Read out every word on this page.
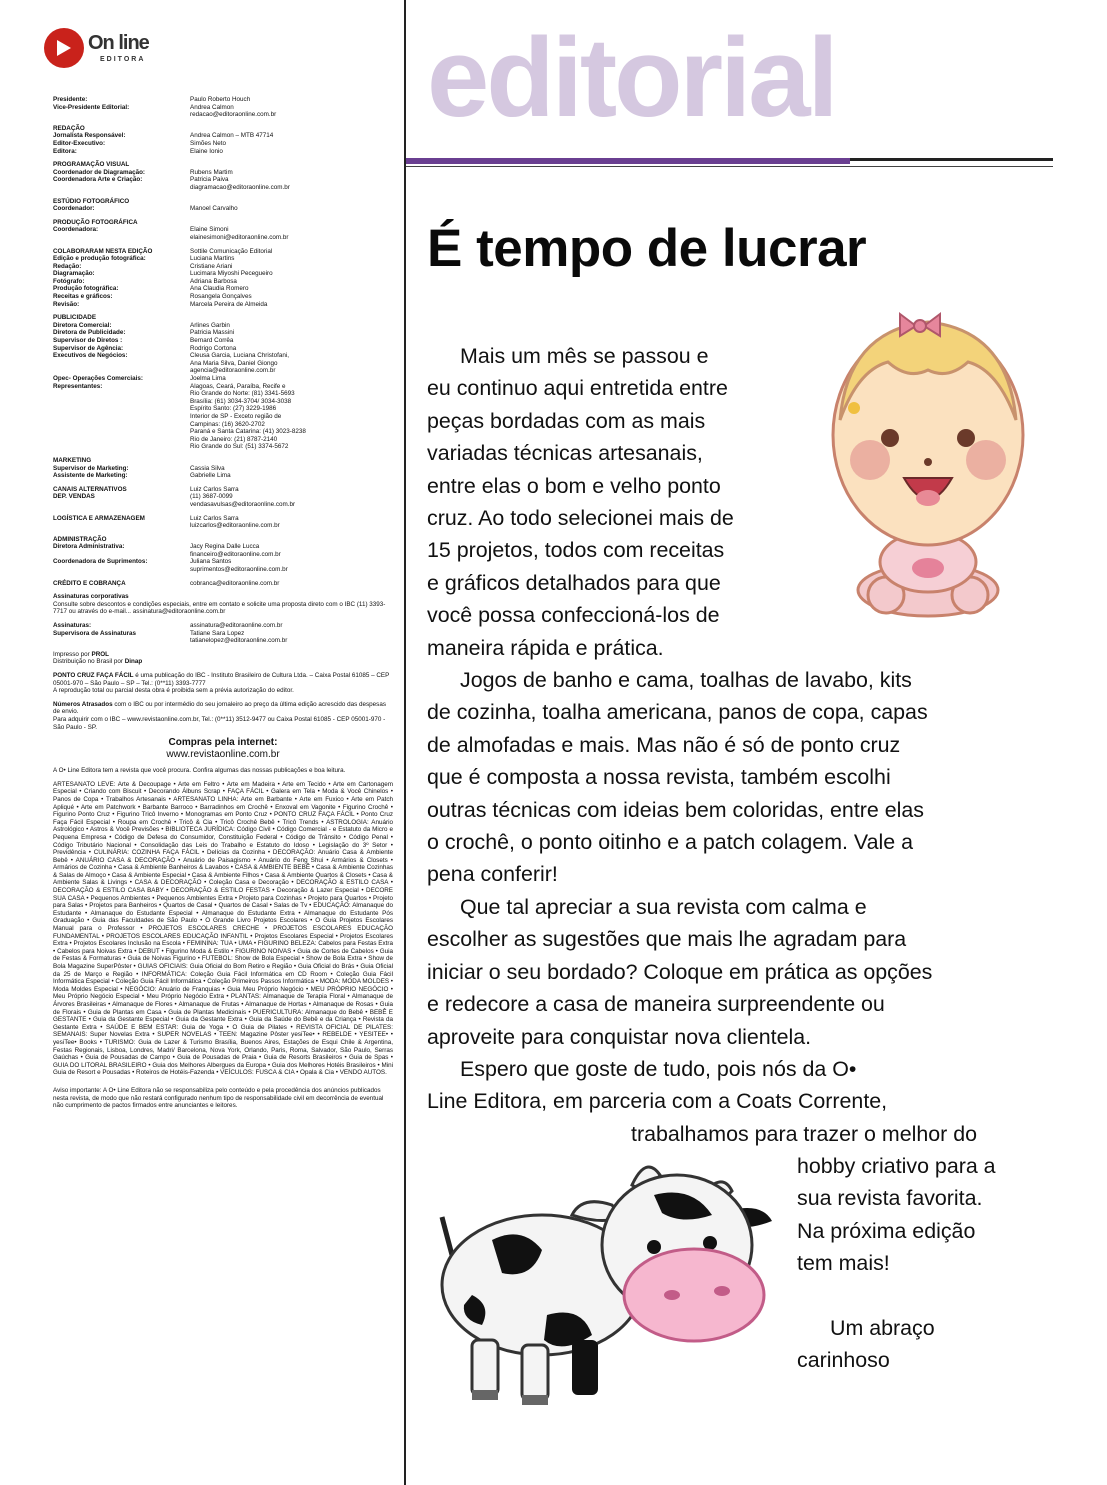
On line
EDITORA
Presidente:	Paulo Roberto Houch
Vice-Presidente Editorial:	Andrea Calmon
redacao@editoraonline.com.br
REDAÇÃO
Jornalista Responsável:	Andrea Calmon – MTB 47714
Editor-Executivo:	Simões Neto
Editora:	Elaine Ionio
PROGRAMAÇÃO VISUAL
Coordenador de Diagramação:	Rubens Martim
Coordenadora Arte e Criação:	Patricia Paiva
diagramacao@editoraonline.com.br
ESTÚDIO FOTOGRÁFICO
Coordenador:	Manoel Carvalho
PRODUÇÃO FOTOGRÁFICA
Coordenadora:	Elaine Simoni
elainesimoni@editoraonline.com.br
COLABORARAM NESTA EDIÇÃO	Sottile Comunicação Editorial
Edição e produção fotográfica:	Luciana Martins
Redação:	Cristiane Ariani
Diagramação:	Lucimara Miyoshi Pecegueiro
Fotógrafo:	Adriana Barbosa
Produção fotográfica:	Ana Claudia Romero
Receitas e gráficos:	Rosangela Gonçalves
Revisão:	Marcela Pereira de Almeida
PUBLICIDADE
Diretora Comercial:	Arlines Garbin
Diretora de Publicidade:	Patricia Massini
Supervisor de Diretos :	Bernard Corrêa
Supervisor de Agência:	Rodrigo Cortona
Executivos de Negócios:	Cleusa Garcia, Luciana Christofani,
Ana Maria Silva, Daniel Giongo
agencia@editoraonline.com.br
Opec- Operações Comerciais:	Joelma Lima
Representantes:	Alagoas, Ceará, Paraíba, Recife e
Rio Grande do Norte: (81) 3341-5693
Brasília: (61) 3034-3704/ 3034-3038
Espírito Santo: (27) 3229-1986
Interior de SP - Exceto região de
Campinas: (16) 3620-2702
Paraná e Santa Catarina: (41) 3023-8238
Rio de Janeiro: (21) 8787-2140
Rio Grande do Sul: (51) 3374-5672
MARKETING
Supervisor de Marketing:	Cassia Silva
Assistente de Marketing:	Gabrielle Lima
CANAIS ALTERNATIVOS	Luiz Carlos Sarra
DEP. VENDAS	(11) 3687-0099
vendasavulsas@editoraonline.com.br
LOGÍSTICA E ARMAZENAGEM	Luiz Carlos Sarra
luizcarlos@editoraonline.com.br
ADMINISTRAÇÃO
Diretora Administrativa:	Jacy Regina Dalle Lucca
financeiro@editoraonline.com.br
Coordenadora de Suprimentos:	Juliana Santos
suprimentos@editoraonline.com.br
CRÉDITO E COBRANÇA	cobranca@editoraonline.com.br
Assinaturas corporativas
Consulte sobre descontos e condições especiais, entre em contato e solicite uma proposta direto com o IBC (11) 3393-7717 ou através do e-mail... assinatura@editoraonline.com.br
Assinaturas:	assinatura@editoraonline.com.br
Supervisora de Assinaturas	Tatiane Sara Lopez
tatianelopez@editoraonline.com.br
Impresso por PROL
Distribuição no Brasil por Dinap
PONTO CRUZ FAÇA FÁCIL é uma publicação do IBC - Instituto Brasileiro de Cultura Ltda. – Caixa Postal 61085 – CEP 05001-970 – São Paulo – SP – Tel.: (0**11) 3393-7777
A reprodução total ou parcial desta obra é proibida sem a prévia autorização do editor.
Números Atrasados com o IBC ou por intermédio do seu jornaleiro ao preço da última edição acrescido das despesas de envio.
Para adquirir com o IBC – www.revistaonline.com.br, Tel.: (0**11) 3512-9477 ou Caixa Postal 61085 - CEP 05001-970 - São Paulo - SP.
Compras pela internet:
www.revistaonline.com.br
A O• Line Editora tem a revista que você procura. Confira algumas das nossas publicações e boa leitura.
ARTESANATO LEVE: Arte & Decoupage • Arte em Feltro • Arte em Madeira • Arte em Tecido • Arte em Cartonagem Especial • Criando com Biscuit • Decorando Álbuns Scrap • FAÇA FÁCIL • Galera em Tela • Moda & Você Chinelos • Panos de Copa • Trabalhos Artesanais • ARTESANATO LINHA: Arte em Barbante • Arte em Fuxico • Arte em Patch Apliqué • Arte em Patchwork • Barbante Barroco • Barradinhos em Crochê • Enxoval em Vagonite • Figurino Crochê • Figurino Ponto Cruz • Figurino Tricô Inverno • Monogramas em Ponto Cruz • PONTO CRUZ FAÇA FÁCIL • Ponto Cruz Faça Fácil Especial • Roupa em Crochê • Tricô & Cia • Tricô Crochê Bebê • Tricô Trends • ASTROLOGIA: Anuário Astrológico • Astros & Você Previsões • BIBLIOTECA JURÍDICA: Código Civil • Código Comercial - e Estatuto da Micro e Pequena Empresa • Código de Defesa do Consumidor, Constituição Federal • Código de Trânsito • Código Penal • Código Tributário Nacional • Consolidação das Leis do Trabalho e Estatuto do Idoso • Legislação do 3º Setor • Previdência • CULINÁRIA: COZINHA FAÇA FÁCIL • Delícias da Cozinha • DECORAÇÃO: Anuário Casa & Ambiente Bebê • ANUÁRIO CASA & DECORAÇÃO • Anuário de Paisagismo • Anuário do Feng Shui • Armários & Closets • Armários de Cozinha • Casa & Ambiente Banheiros & Lavabos • CASA & AMBIENTE BEBÊ • Casa & Ambiente Cozinhas & Salas de Almoço • Casa & Ambiente Especial • Casa & Ambiente Filhos • Casa & Ambiente Quartos & Closets • Casa & Ambiente Salas & Livings • CASA & DECORAÇÃO • Coleção Casa e Decoração • DECORAÇÃO & ESTILO CASA • DECORAÇÃO & ESTILO CASA BABY • DECORAÇÃO & ESTILO FESTAS • Decoração & Lazer Especial • DECORE SUA CASA • Pequenos Ambientes • Pequenos Ambientes Extra • Projeto para Cozinhas • Projeto para Quartos • Projeto para Salas • Projetos para Banheiros • Quartos de Casal • Quartos de Casal • Salas de Tv • EDUCAÇÃO: Almanaque do Estudante • Almanaque do Estudante Especial • Almanaque do Estudante Extra • Almanaque do Estudante Pós Graduação • Guia das Faculdades de São Paulo • O Grande Livro Projetos Escolares • O Guia Projetos Escolares Manual para o Professor • PROJETOS ESCOLARES CRECHE • PROJETOS ESCOLARES EDUCAÇÃO FUNDAMENTAL • PROJETOS ESCOLARES EDUCAÇÃO INFANTIL • Projetos Escolares Especial • Projetos Escolares Extra • Projetos Escolares Inclusão na Escola • FEMININA: TUA • UMA • FIGURINO BELEZA: Cabelos para Festas Extra • Cabelos para Noivas Extra • DEBUT • Figurino Moda & Estilo • FIGURINO NOIVAS • Guia de Cortes de Cabelos • Guia de Festas & Formaturas • Guia de Noivas Figurino • FUTEBOL: Show de Bola Especial • Show de Bola Extra • Show de Bola Magazine SuperPôster • GUIAS OFICIAIS: Guia Oficial do Bom Retiro e Região • Guia Oficial do Brás • Guia Oficial da 25 de Março e Região • INFORMÁTICA: Coleção Guia Fácil Informática em CD Room • Coleção Guia Fácil Informática Especial • Coleção Guia Fácil Informática • Coleção Primeiros Passos Informática • MODA: MODA MOLDES • Moda Moldes Especial • NEGÓCIO: Anuário de Franquias • Guia Meu Próprio Negócio • MEU PRÓPRIO NEGÓCIO • Meu Próprio Negócio Especial • Meu Próprio Negócio Extra • PLANTAS: Almanaque de Terapia Floral • Almanaque de Árvores Brasileiras • Almanaque de Flores • Almanaque de Frutas • Almanaque de Hortas • Almanaque de Rosas • Guia de Florais • Guia de Plantas em Casa • Guia de Plantas Medicinais • PUERICULTURA: Almanaque do Bebê • BEBÊ E GESTANTE • Guia da Gestante Especial • Guia da Gestante Extra • Guia da Saúde do Bebê e da Criança • Revista da Gestante Extra • SAÚDE E BEM ESTAR: Guia de Yoga • O Guia de Pilates • REVISTA OFICIAL DE PILATES: SEMANAIS: Super Novelas Extra • SUPER NOVELAS • TEEN: Magazine Pôster yesiTee• • REBELDE • YESITEE• • yesiTee• Books • TURISMO: Guia de Lazer & Turismo Brasília, Buenos Aires, Estações de Esqui Chile & Argentina, Festas Regionais, Lisboa, Londres, Madri/ Barcelona, Nova York, Orlando, Paris, Roma, Salvador, São Paulo, Serras Gaúchas • Guia de Pousadas de Campo • Guia de Pousadas de Praia • Guia de Resorts Brasileiros • Guia de Spas • GUIA DO LITORAL BRASILEIRO • Guia dos Melhores Albergues da Europa • Guia dos Melhores Hotéis Brasileiros • Mini Guia de Resort e Pousadas • Roteiros de Hotéis-Fazenda • VEÍCULOS: FUSCA & CIA • Opala & Cia • VENDO AUTOS.
Aviso importante: A O• Line Editora não se responsabiliza pelo conteúdo e pela procedência dos anúncios publicados nesta revista, de modo que não restará configurado nenhum tipo de responsabilidade civil em decorrência de eventual não cumprimento de pactos firmados entre anunciantes e leitores.
editorial
É tempo de lucrar
Mais um mês se passou e
eu continuo aqui entretida entre
peças bordadas com as mais
variadas técnicas artesanais,
entre elas o bom e velho ponto
cruz. Ao todo selecionei mais de
15 projetos, todos com receitas
e gráficos detalhados para que
você possa confeccioná-los de
maneira rápida e prática.
Jogos de banho e cama, toalhas de lavabo, kits
de cozinha, toalha americana, panos de copa, capas
de almofadas e mais. Mas não é só de ponto cruz
que é composta a nossa revista, também escolhi
outras técnicas com ideias bem coloridas, entre elas
o crochê, o ponto oitinho e a patch colagem. Vale a
pena conferir!
Que tal apreciar a sua revista com calma e
escolher as sugestões que mais lhe agradam para
iniciar o seu bordado? Coloque em prática as opções
e redecore a casa de maneira surpreendente ou
aproveite para conquistar nova clientela.
Espero que goste de tudo, pois nós da O•
Line Editora, em parceria com a Coats Corrente,
trabalhamos para trazer o melhor do
hobby criativo para a
sua revista favorita.
Na próxima edição
tem mais!
Um abraço
carinhoso
